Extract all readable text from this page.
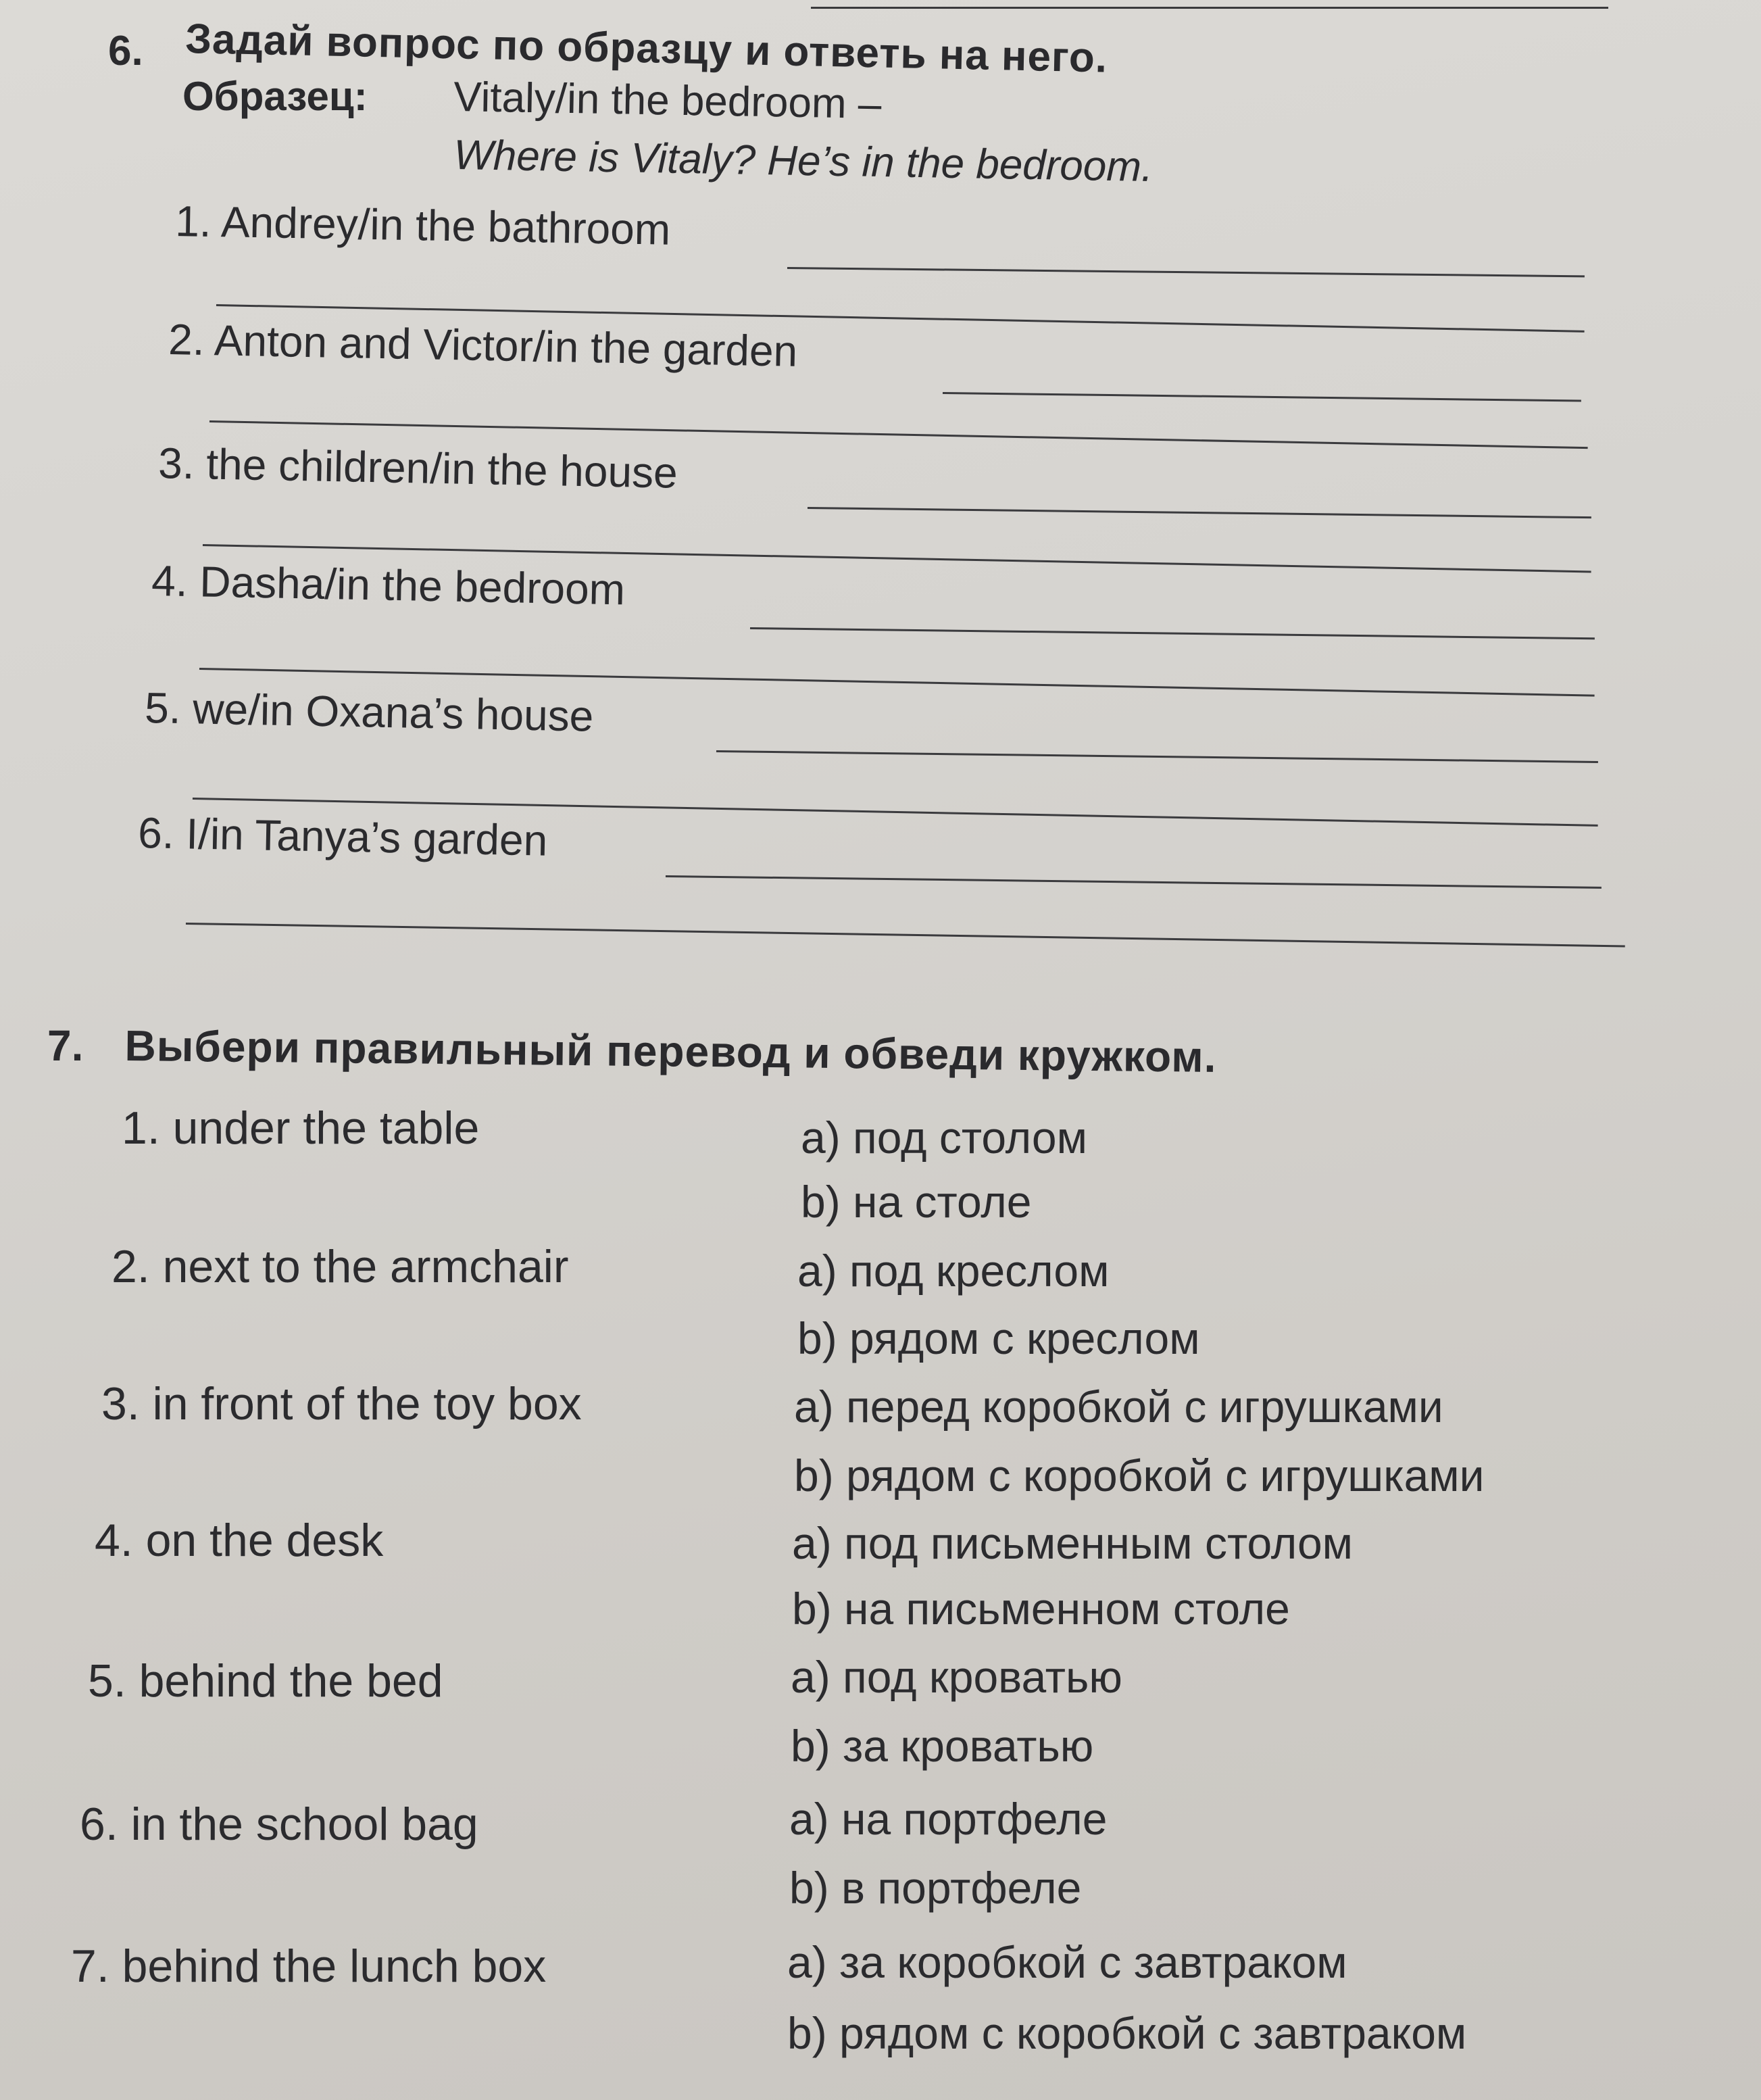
6. Задай вопрос по образцу и ответь на него.
Образец: Vitaly/in the bedroom –
Where is Vitaly? He’s in the bedroom.
1. Andrey/in the bathroom
2. Anton and Victor/in the garden
3. the children/in the house
4. Dasha/in the bedroom
5. we/in Oxana’s house
6. I/in Tanya’s garden
7. Выбери правильный перевод и обведи кружком.
1. under the table	a) под столом
b) на столе
2. next to the armchair	a) под креслом
b) рядом с креслом
3. in front of the toy box	a) перед коробкой с игрушками
b) рядом с коробкой с игрушками
4. on the desk	a) под письменным столом
b) на письменном столе
5. behind the bed	a) под кроватью
b) за кроватью
6. in the school bag	a) на портфеле
b) в портфеле
7. behind the lunch box	a) за коробкой с завтраком
b) рядом с коробкой с завтраком
